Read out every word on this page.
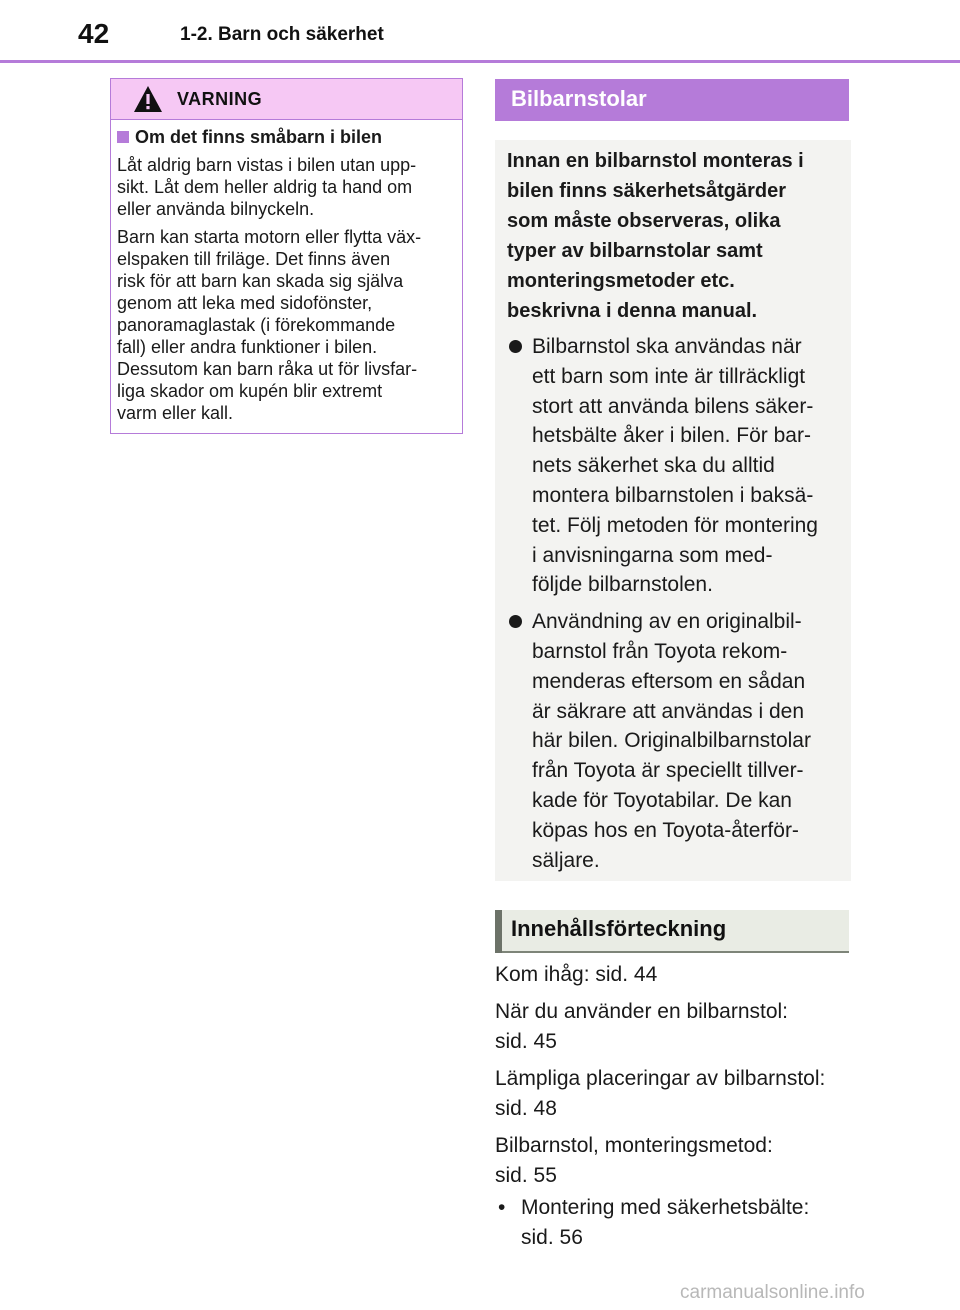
42	1-2. Barn och säkerhet
VARNING
Om det finns småbarn i bilen

Låt aldrig barn vistas i bilen utan upp-
sikt. Låt dem heller aldrig ta hand om
eller använda bilnyckeln.

Barn kan starta motorn eller flytta väx-
elspaken till friläge. Det finns även
risk för att barn kan skada sig själva
genom att leka med sidofönster,
panoramaglastak (i förekommande
fall) eller andra funktioner i bilen.
Dessutom kan barn råka ut för livsfar-
liga skador om kupén blir extremt
varm eller kall.

Bilbarnstolar

Innan en bilbarnstol monteras i
bilen finns säkerhetsåtgärder
som måste observeras, olika
typer av bilbarnstolar samt
monteringsmetoder etc.
beskrivna i denna manual.

Bilbarnstol ska användas när
ett barn som inte är tillräckligt
stort att använda bilens säker-
hetsbälte åker i bilen. För bar-
nets säkerhet ska du alltid
montera bilbarnstolen i baksä-
tet. Följ metoden för montering
i anvisningarna som med-
följde bilbarnstolen.
Användning av en originalbil-
barnstol från Toyota rekom-
menderas eftersom en sådan
är säkrare att användas i den
här bilen. Originalbilbarnstolar
från Toyota är speciellt tillver-
kade för Toyotabilar. De kan
köpas hos en Toyota-återför-
säljare.
Innehållsförteckning
Kom ihåg: sid. 44
När du använder en bilbarnstol:
sid. 45
Lämpliga placeringar av bilbarnstol:
sid. 48
Bilbarnstol, monteringsmetod:
sid. 55
• Montering med säkerhetsbälte:
sid. 56
carmanualsonline.info
